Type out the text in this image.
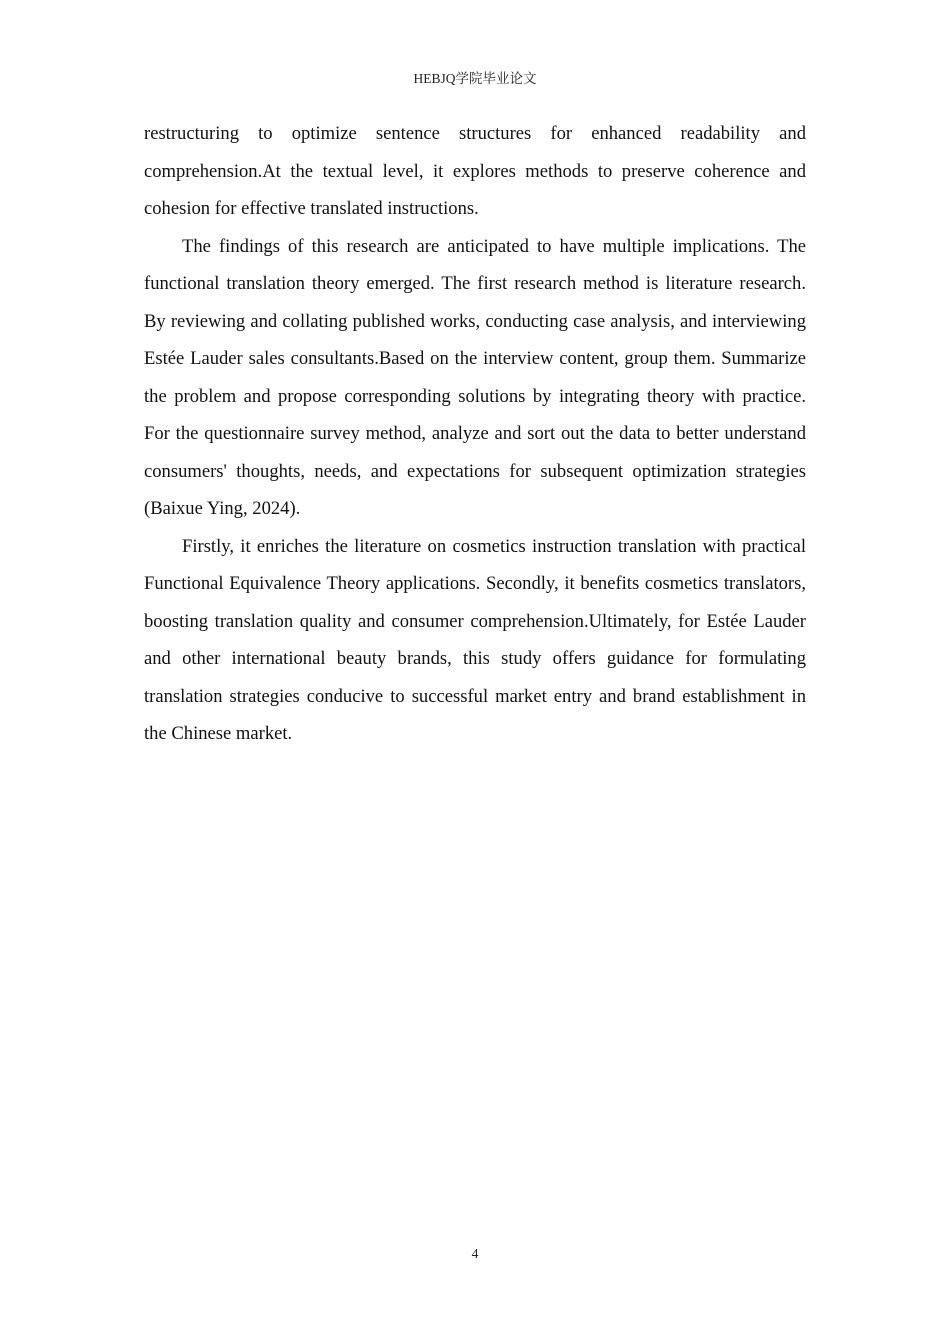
HEBJQ学院毕业论文

restructuring to optimize sentence structures for enhanced readability and comprehension.At the textual level, it explores methods to preserve coherence and cohesion for effective translated instructions.

The findings of this research are anticipated to have multiple implications. The functional translation theory emerged. The first research method is literature research. By reviewing and collating published works, conducting case analysis, and interviewing Estée Lauder sales consultants.Based on the interview content, group them. Summarize the problem and propose corresponding solutions by integrating theory with practice. For the questionnaire survey method, analyze and sort out the data to better understand consumers' thoughts, needs, and expectations for subsequent optimization strategies (Baixue Ying, 2024).

Firstly, it enriches the literature on cosmetics instruction translation with practical Functional Equivalence Theory applications. Secondly, it benefits cosmetics translators, boosting translation quality and consumer comprehension.Ultimately, for Estée Lauder and other international beauty brands, this study offers guidance for formulating translation strategies conducive to successful market entry and brand establishment in the Chinese market.

4
